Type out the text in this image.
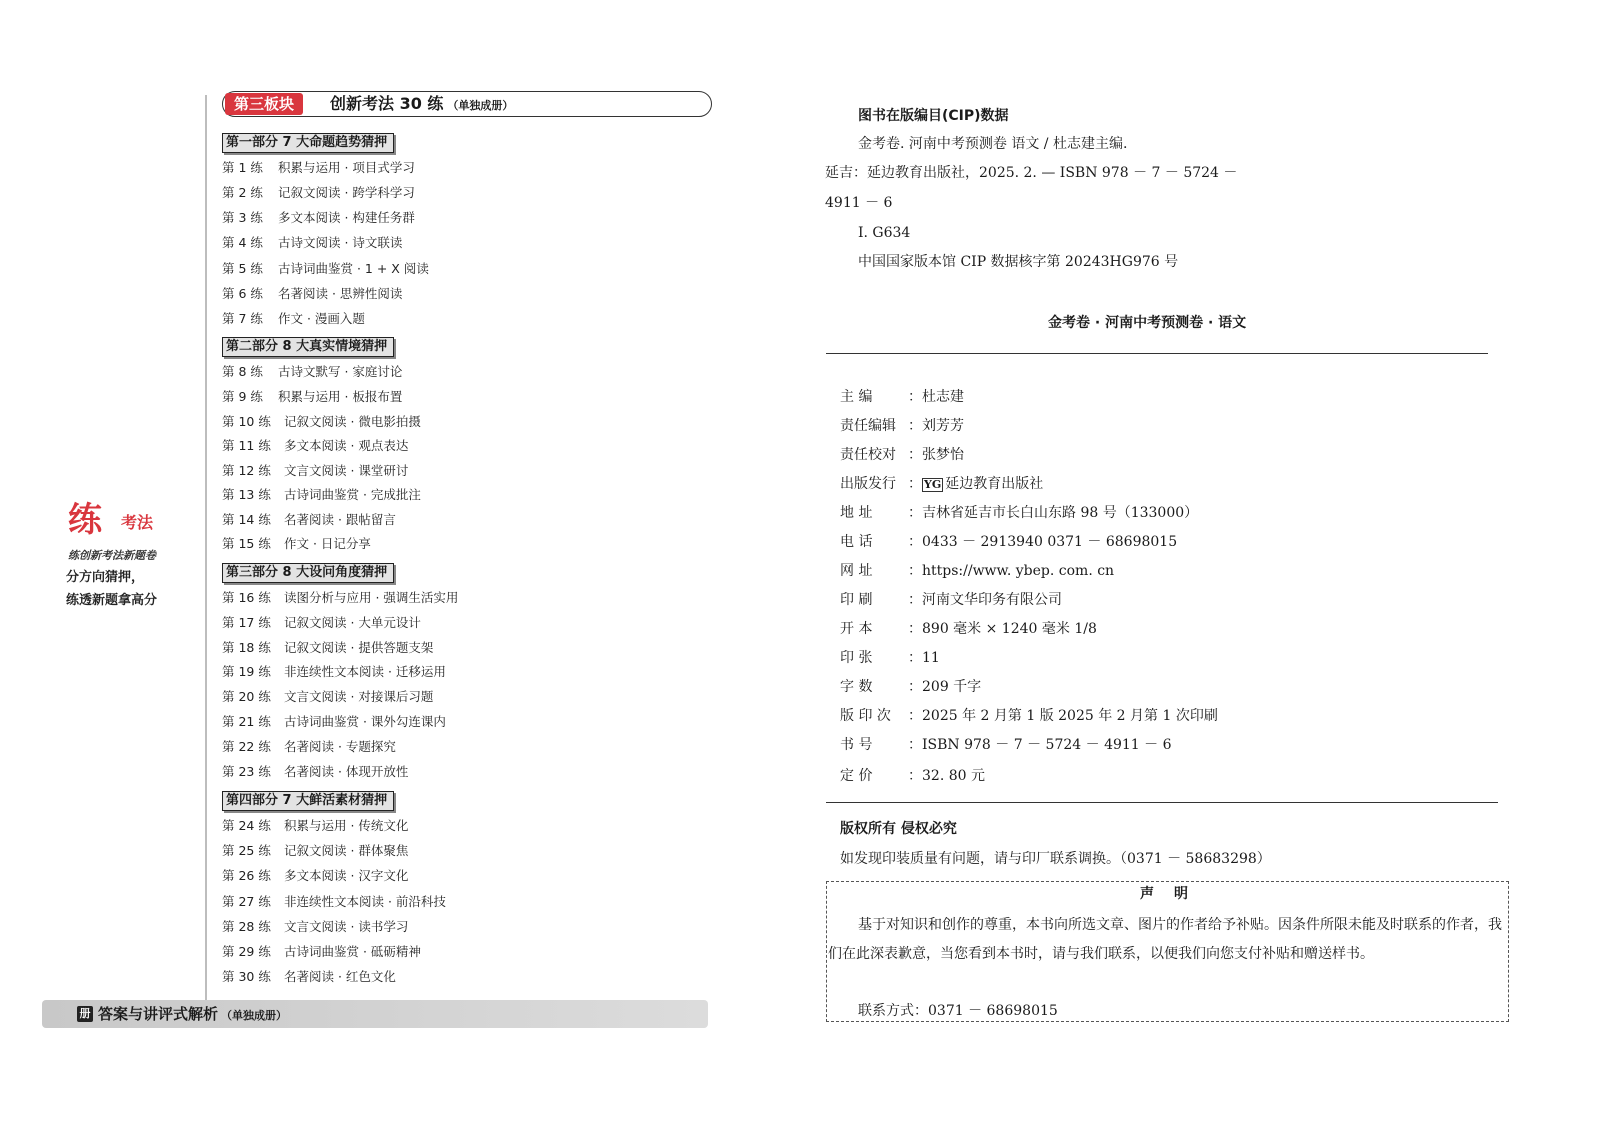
第三板块	创新考法 30 练 （单独成册）
第一部分 7 大命题趋势猜押
第 1 练 积累与运用 · 项目式学习
第 2 练 记叙文阅读 · 跨学科学习
第 3 练 多文本阅读 · 构建任务群
第 4 练 古诗文阅读 · 诗文联读
第 5 练 古诗词曲鉴赏 · 1 + X 阅读
第 6 练 名著阅读 · 思辨性阅读
第 7 练 作文 · 漫画入题
第二部分 8 大真实情境猜押
第 8 练 古诗文默写 · 家庭讨论
第 9 练 积累与运用 · 板报布置
第 10 练 记叙文阅读 · 微电影拍摄
第 11 练 多文本阅读 · 观点表达
第 12 练 文言文阅读 · 课堂研讨
第 13 练 古诗词曲鉴赏 · 完成批注
第 14 练 名著阅读 · 跟帖留言
第 15 练 作文 · 日记分享
第三部分 8 大设问角度猜押
第 16 练 读图分析与应用 · 强调生活实用
第 17 练 记叙文阅读 · 大单元设计
第 18 练 记叙文阅读 · 提供答题支架
第 19 练 非连续性文本阅读 · 迁移运用
第 20 练 文言文阅读 · 对接课后习题
第 21 练 古诗词曲鉴赏 · 课外勾连课内
第 22 练 名著阅读 · 专题探究
第 23 练 名著阅读 · 体现开放性
第四部分 7 大鲜活素材猜押
第 24 练 积累与运用 · 传统文化
第 25 练 记叙文阅读 · 群体聚焦
第 26 练 多文本阅读 · 汉字文化
第 27 练 非连续性文本阅读 · 前沿科技
第 28 练 文言文阅读 · 读书学习
第 29 练 古诗词曲鉴赏 · 砥砺精神
第 30 练 名著阅读 · 红色文化
册 答案与讲评式解析 （单独成册）
练 考法
练创新考法新题卷
分方向猜押，
练透新题拿高分
图书在版编目(CIP)数据
金考卷. 河南中考预测卷 语文 / 杜志建主编.
延吉：延边教育出版社，2025. 2. — ISBN 978 － 7 － 5724 －
4911 － 6
Ⅰ. G634
中国国家版本馆 CIP 数据核字第 20243HG976 号
金考卷 · 河南中考预测卷 · 语文
主 编	：杜志建
责任编辑 ：刘芳芳
责任校对 ：张梦怡
出版发行 ： YG 延边教育出版社
地 址	：吉林省延吉市长白山东路 98 号（133000）
电 话	：0433 － 2913940 0371 － 68698015
网 址	：https://www. ybep. com. cn
印 刷	：河南文华印务有限公司
开 本	：890 毫米 × 1240 毫米 1/8
印 张	：11
字 数	：209 千字
版 印 次 ：2025 年 2 月第 1 版 2025 年 2 月第 1 次印刷
书 号	：ISBN 978 － 7 － 5724 － 4911 － 6
定 价	：32. 80 元
版权所有 侵权必究
如发现印装质量有问题，请与印厂联系调换。（0371 － 58683298）
声明
基于对知识和创作的尊重，本书向所选文章、图片的作者给予补贴。因条件所限未能及时联系的作者，我们在此深表歉意，当您看到本书时，请与我们联系，以便我们向您支付补贴和赠送样书。
联系方式：0371 － 68698015
